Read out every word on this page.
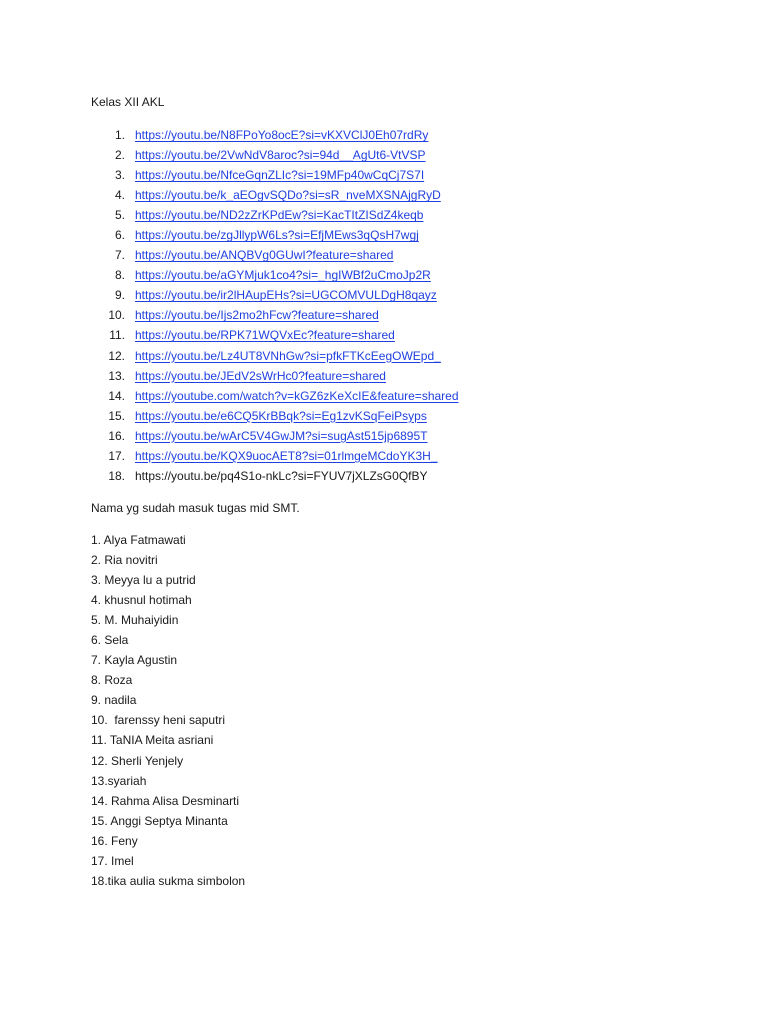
Kelas XII AKL
1. https://youtu.be/N8FPoYo8ocE?si=vKXVClJ0Eh07rdRy
2. https://youtu.be/2VwNdV8aroc?si=94d__AgUt6-VtVSP
3. https://youtu.be/NfceGqnZLIc?si=19MFp40wCqCj7S7I
4. https://youtu.be/k_aEOgvSQDo?si=sR_nveMXSNAjgRyD
5. https://youtu.be/ND2zZrKPdEw?si=KacTItZISdZ4keqb
6. https://youtu.be/zgJllypW6Ls?si=EfjMEws3qQsH7wgj
7. https://youtu.be/ANQBVg0GUwI?feature=shared
8. https://youtu.be/aGYMjuk1co4?si=_hgIWBf2uCmoJp2R
9. https://youtu.be/ir2lHAupEHs?si=UGCOMVULDgH8qayz
10. https://youtu.be/Ijs2mo2hFcw?feature=shared
11. https://youtu.be/RPK71WQVxEc?feature=shared
12. https://youtu.be/Lz4UT8VNhGw?si=pfkFTKcEegOWEpd_
13. https://youtu.be/JEdV2sWrHc0?feature=shared
14. https://youtube.com/watch?v=kGZ6zKeXcIE&feature=shared
15. https://youtu.be/e6CQ5KrBBqk?si=Eg1zvKSqFeiPsyps
16. https://youtu.be/wArC5V4GwJM?si=sugAst515jp6895T
17. https://youtu.be/KQX9uocAET8?si=01rlmgeMCdoYK3H_
18. https://youtu.be/pq4S1o-nkLc?si=FYUV7jXLZsG0QfBY
Nama yg sudah masuk tugas mid SMT.
1. Alya Fatmawati
2. Ria novitri
3. Meyya lu a putrid
4. khusnul hotimah
5. M. Muhaiyidin
6. Sela
7. Kayla Agustin
8. Roza
9. nadila
10.  farenssy heni saputri
11. TaNIA Meita asriani
12. Sherli Yenjely
13.syariah
14. Rahma Alisa Desminarti
15. Anggi Septya Minanta
16. Feny
17. Imel
18.tika aulia sukma simbolon
